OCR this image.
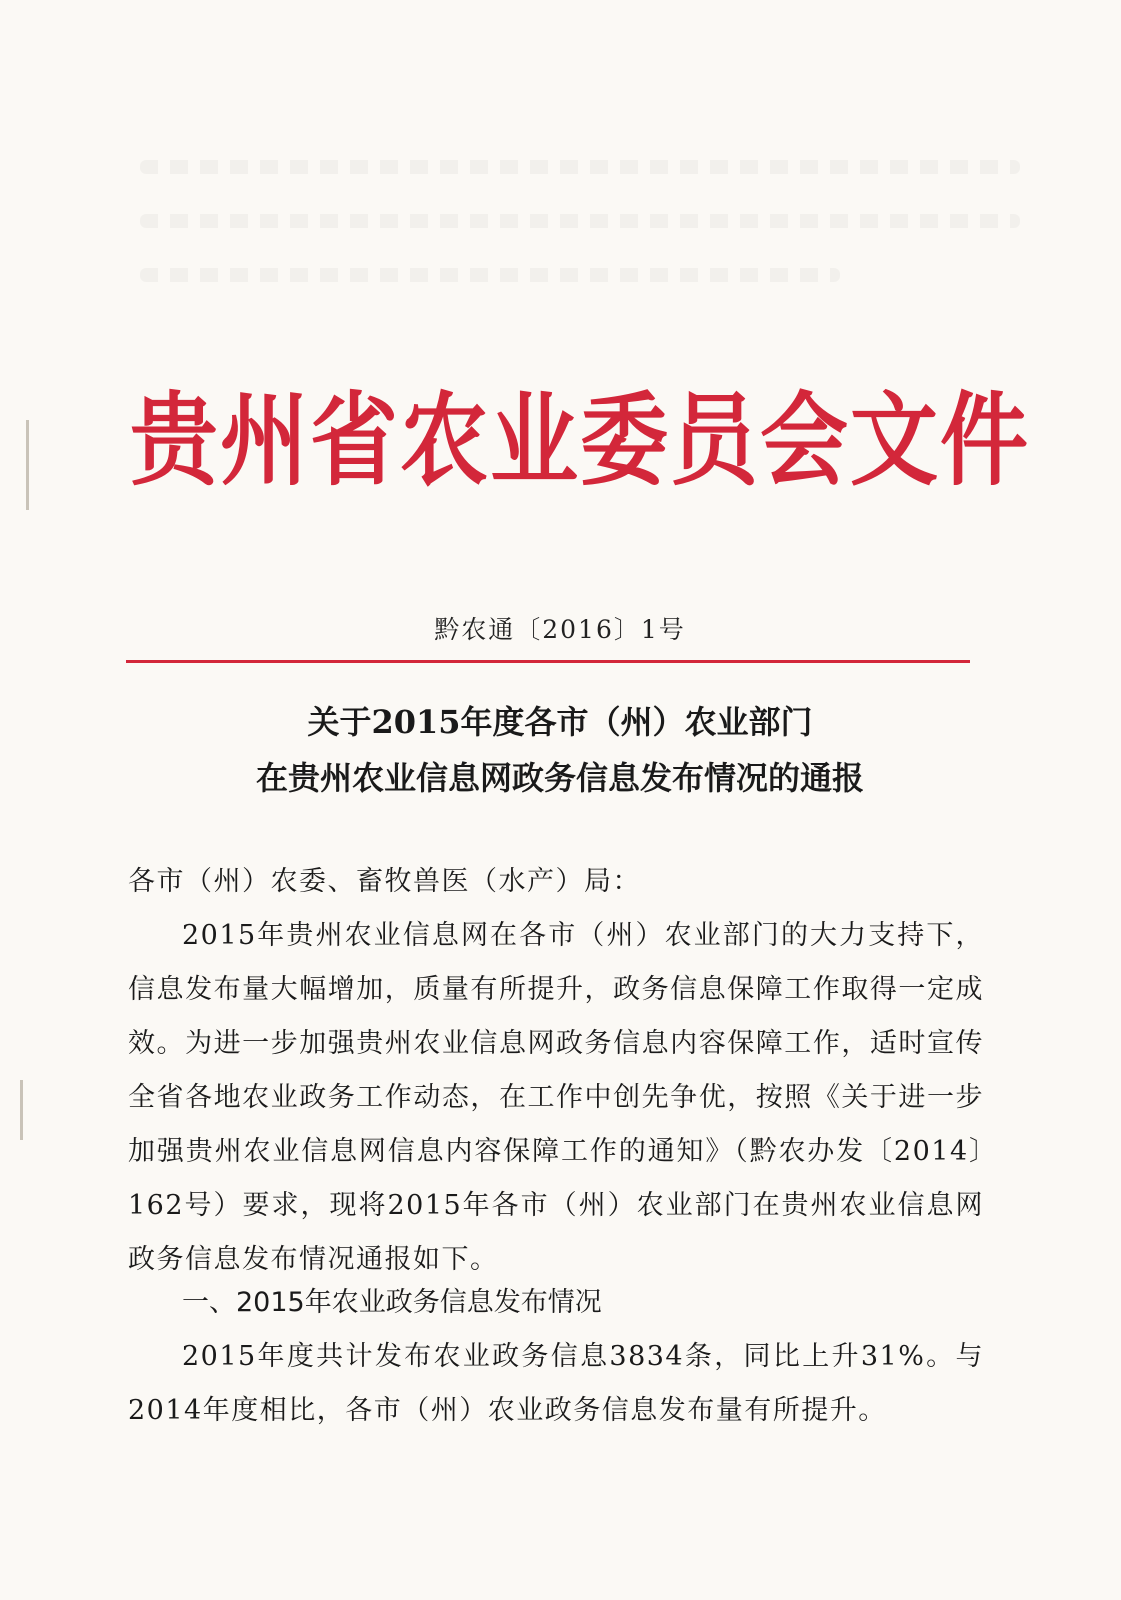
贵州省农业委员会文件
黔农通〔2016〕1号
关于2015年度各市（州）农业部门
在贵州农业信息网政务信息发布情况的通报

各市（州）农委、畜牧兽医（水产）局：

2015年贵州农业信息网在各市（州）农业部门的大力支持下，信息发布量大幅增加，质量有所提升，政务信息保障工作取得一定成效。为进一步加强贵州农业信息网政务信息内容保障工作，适时宣传全省各地农业政务工作动态，在工作中创先争优，按照《关于进一步加强贵州农业信息网信息内容保障工作的通知》（黔农办发〔2014〕162号）要求，现将2015年各市（州）农业部门在贵州农业信息网政务信息发布情况通报如下。

一、2015年农业政务信息发布情况

2015年度共计发布农业政务信息3834条，同比上升31%。与2014年度相比，各市（州）农业政务信息发布量有所提升。
